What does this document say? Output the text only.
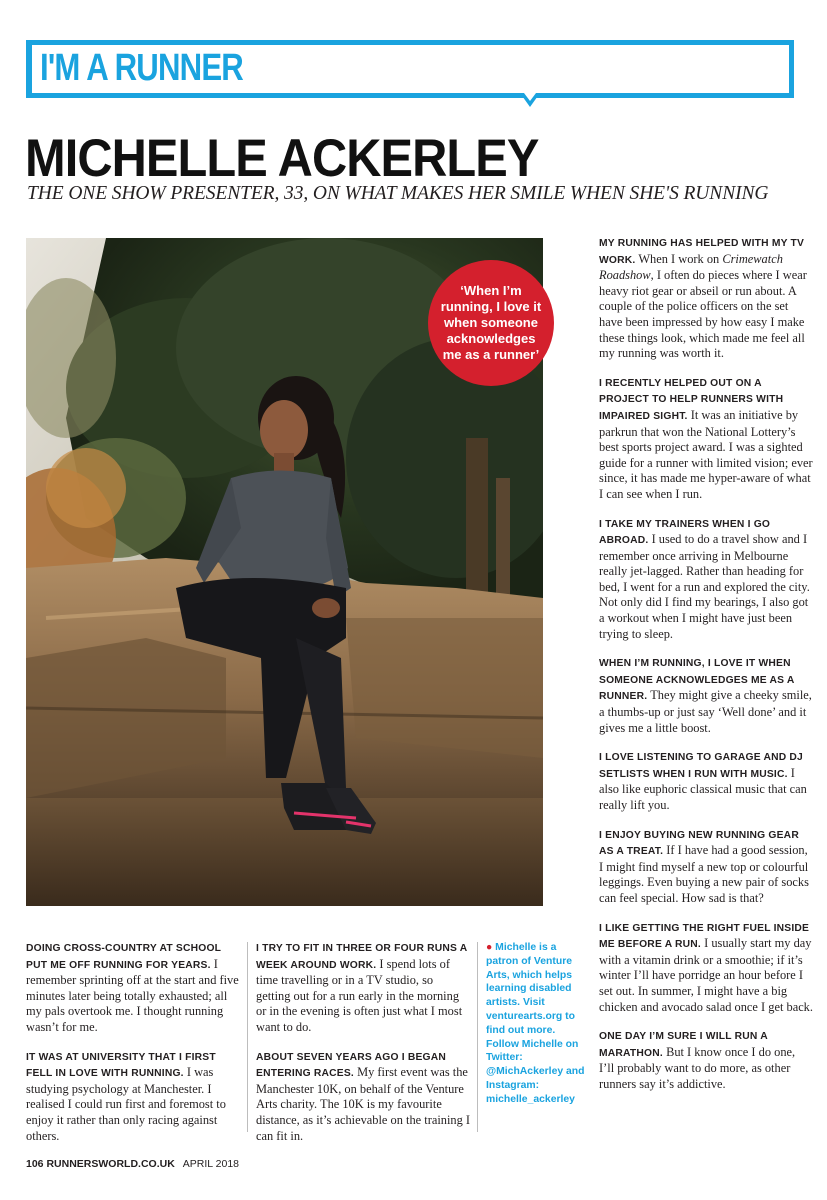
I'M A RUNNER
MICHELLE ACKERLEY
THE ONE SHOW PRESENTER, 33, ON WHAT MAKES HER SMILE WHEN SHE'S RUNNING
‘When I’m running, I love it when someone acknowledges me as a runner’

MY RUNNING HAS HELPED WITH MY TV WORK. When I work on Crimewatch Roadshow, I often do pieces where I wear heavy riot gear or abseil or run about. A couple of the police officers on the set have been impressed by how easy I make these things look, which made me feel all my running was worth it.

I RECENTLY HELPED OUT ON A PROJECT TO HELP RUNNERS WITH IMPAIRED SIGHT. It was an initiative by parkrun that won the National Lottery’s best sports project award. I was a sighted guide for a runner with limited vision; ever since, it has made me hyper-aware of what I can see when I run.

I TAKE MY TRAINERS WHEN I GO ABROAD. I used to do a travel show and I remember once arriving in Melbourne really jet-lagged. Rather than heading for bed, I went for a run and explored the city. Not only did I find my bearings, I also got a workout when I might have just been trying to sleep.

WHEN I’M RUNNING, I LOVE IT WHEN SOMEONE ACKNOWLEDGES ME AS A RUNNER. They might give a cheeky smile, a thumbs-up or just say ‘Well done’ and it gives me a little boost.

I LOVE LISTENING TO GARAGE AND DJ SETLISTS WHEN I RUN WITH MUSIC. I also like euphoric classical music that can really lift you.

I ENJOY BUYING NEW RUNNING GEAR AS A TREAT. If I have had a good session, I might find myself a new top or colourful leggings. Even buying a new pair of socks can feel special. How sad is that?

I LIKE GETTING THE RIGHT FUEL INSIDE ME BEFORE A RUN. I usually start my day with a vitamin drink or a smoothie; if it’s winter I’ll have porridge an hour before I set out. In summer, I might have a big chicken and avocado salad once I get back.

ONE DAY I’M SURE I WILL RUN A MARATHON. But I know once I do one, I’ll probably want to do more, as other runners say it’s addictive.

DOING CROSS-COUNTRY AT SCHOOL PUT ME OFF RUNNING FOR YEARS. I remember sprinting off at the start and five minutes later being totally exhausted; all my pals overtook me. I thought running wasn’t for me.

IT WAS AT UNIVERSITY THAT I FIRST FELL IN LOVE WITH RUNNING. I was studying psychology at Manchester. I realised I could run first and foremost to enjoy it rather than only racing against others.

I TRY TO FIT IN THREE OR FOUR RUNS A WEEK AROUND WORK. I spend lots of time travelling or in a TV studio, so getting out for a run early in the morning or in the evening is often just what I most want to do.

ABOUT SEVEN YEARS AGO I BEGAN ENTERING RACES. My first event was the Manchester 10K, on behalf of the Venture Arts charity. The 10K is my favourite distance, as it’s achievable on the training I can fit in.

● Michelle is a patron of Venture Arts, which helps learning disabled artists. Visit venturearts.org to find out more. Follow Michelle on Twitter: @MichAckerley and Instagram: michelle_ackerley
106 RUNNERSWORLD.CO.UK APRIL 2018
